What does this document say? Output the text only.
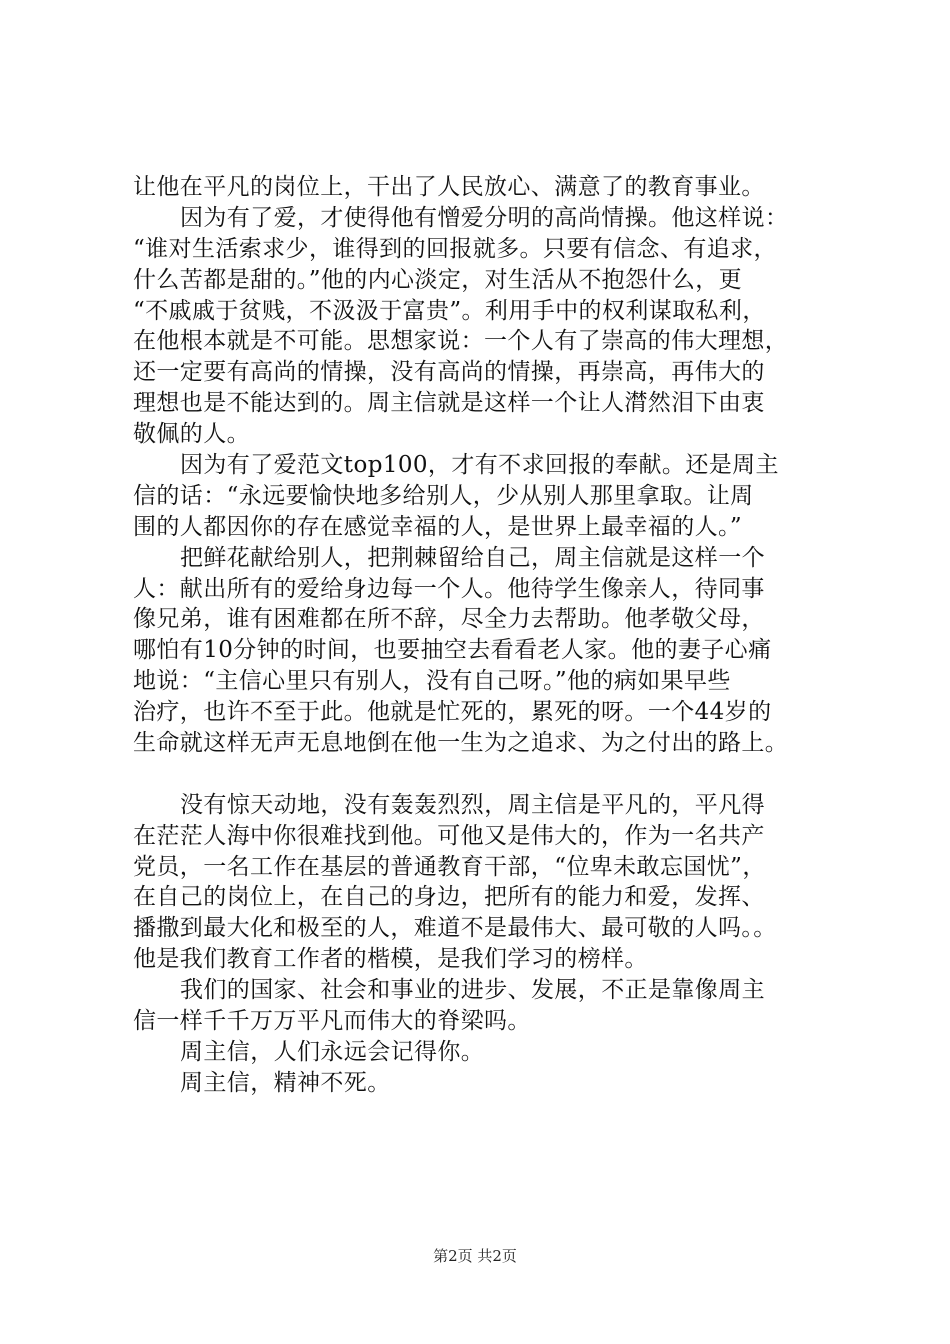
让他在平凡的岗位上，干出了人民放心、满意了的教育事业。
因为有了爱，才使得他有憎爱分明的高尚情操。他这样说：
“谁对生活索求少，谁得到的回报就多。只要有信念、有追求，
什么苦都是甜的。”他的内心淡定，对生活从不抱怨什么，更
“不戚戚于贫贱，不汲汲于富贵”。利用手中的权利谋取私利，
在他根本就是不可能。思想家说：一个人有了崇高的伟大理想，
还一定要有高尚的情操，没有高尚的情操，再崇高，再伟大的
理想也是不能达到的。周主信就是这样一个让人潸然泪下由衷
敬佩的人。
因为有了爱范文top100，才有不求回报的奉献。还是周主
信的话：“永远要愉快地多给别人，少从别人那里拿取。让周
围的人都因你的存在感觉幸福的人，是世界上最幸福的人。”
把鲜花献给别人，把荆棘留给自己，周主信就是这样一个
人：献出所有的爱给身边每一个人。他待学生像亲人，待同事
像兄弟，谁有困难都在所不辞，尽全力去帮助。他孝敬父母，
哪怕有10分钟的时间，也要抽空去看看老人家。他的妻子心痛
地说：“主信心里只有别人，没有自己呀。”他的病如果早些
治疗，也许不至于此。他就是忙死的，累死的呀。一个44岁的
生命就这样无声无息地倒在他一生为之追求、为之付出的路上。
没有惊天动地，没有轰轰烈烈，周主信是平凡的，平凡得
在茫茫人海中你很难找到他。可他又是伟大的，作为一名共产
党员，一名工作在基层的普通教育干部，“位卑未敢忘国忧”，
在自己的岗位上，在自己的身边，把所有的能力和爱，发挥、
播撒到最大化和极至的人，难道不是最伟大、最可敬的人吗。。
他是我们教育工作者的楷模，是我们学习的榜样。
我们的国家、社会和事业的进步、发展，不正是靠像周主
信一样千千万万平凡而伟大的脊梁吗。
周主信，人们永远会记得你。
周主信，精神不死。
第2页 共2页
